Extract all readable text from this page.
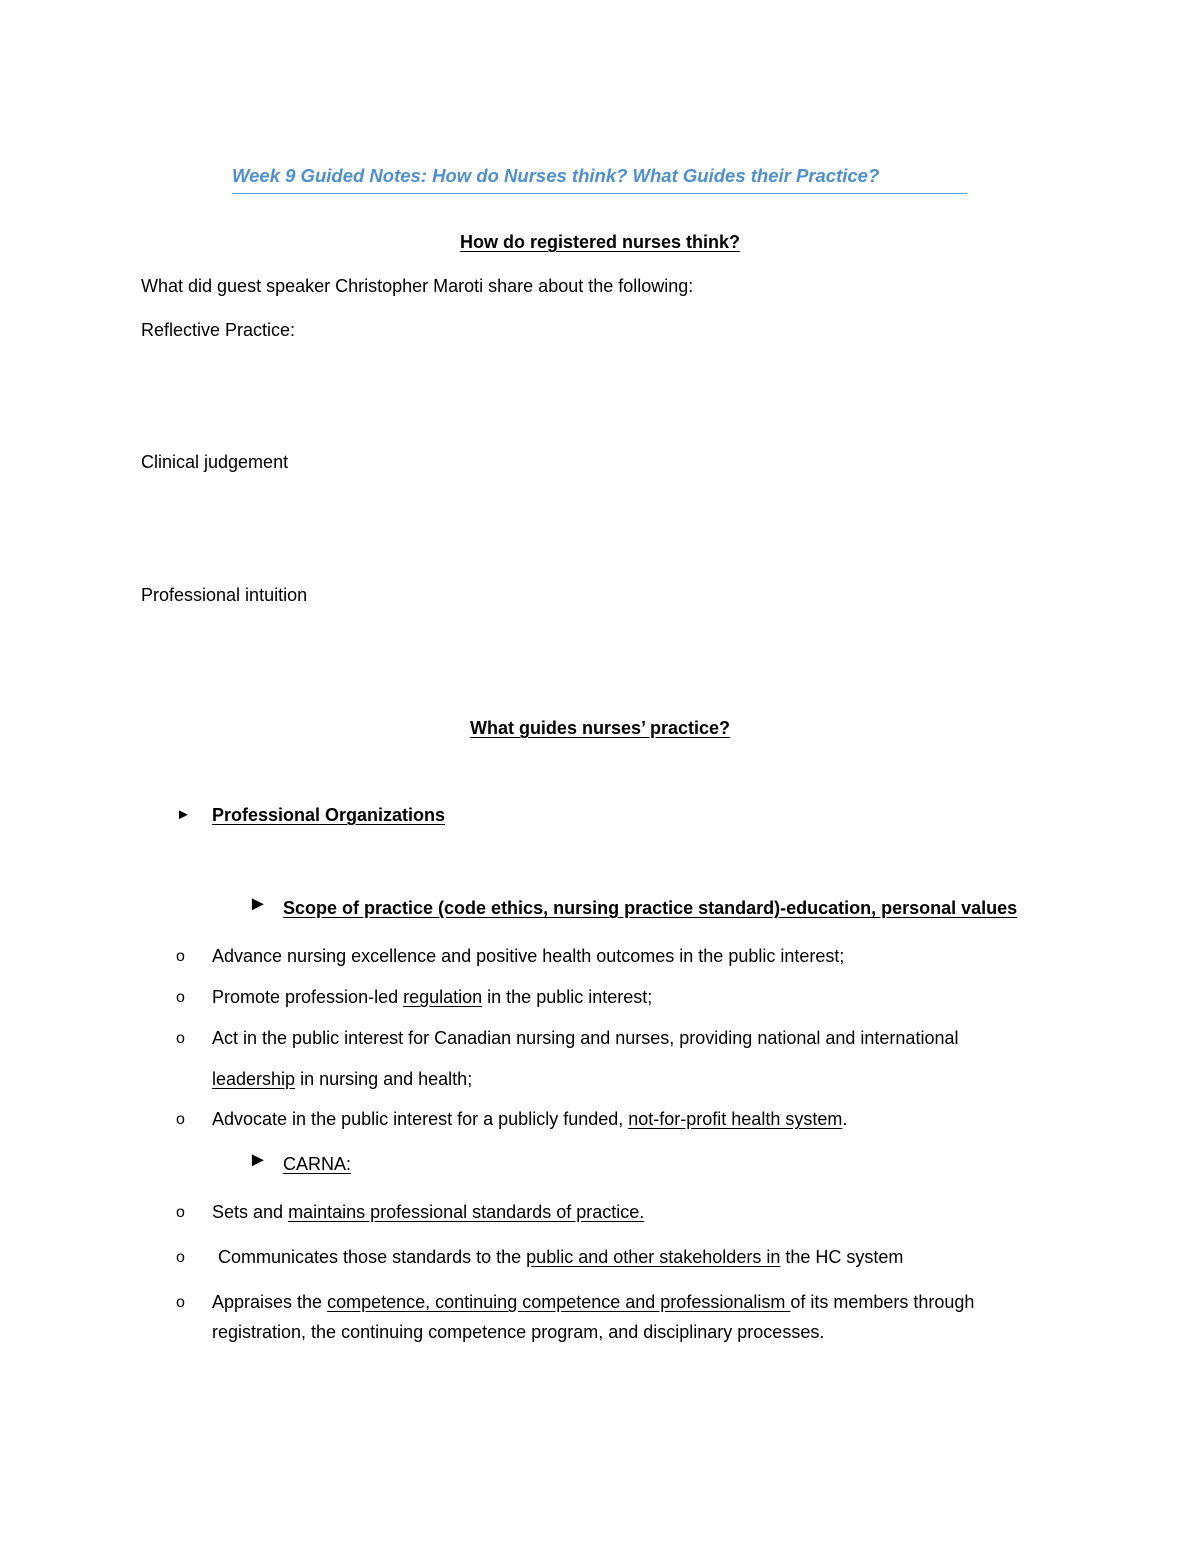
Week 9 Guided Notes: How do Nurses think? What Guides their Practice?
How do registered nurses think?
What did guest speaker Christopher Maroti share about the following:
Reflective Practice:
Clinical judgement
Professional intuition
What guides nurses’ practice?
► Professional Organizations
► Scope of practice (code ethics, nursing practice standard)-education, personal values
o Advance nursing excellence and positive health outcomes in the public interest;
o Promote profession-led regulation in the public interest;
o Act in the public interest for Canadian nursing and nurses, providing national and international
leadership in nursing and health;
o Advocate in the public interest for a publicly funded, not-for-profit health system.
► CARNA:
o Sets and maintains professional standards of practice.
o Communicates those standards to the public and other stakeholders in the HC system
o Appraises the competence, continuing competence and professionalism of its members through
registration, the continuing competence program, and disciplinary processes.
